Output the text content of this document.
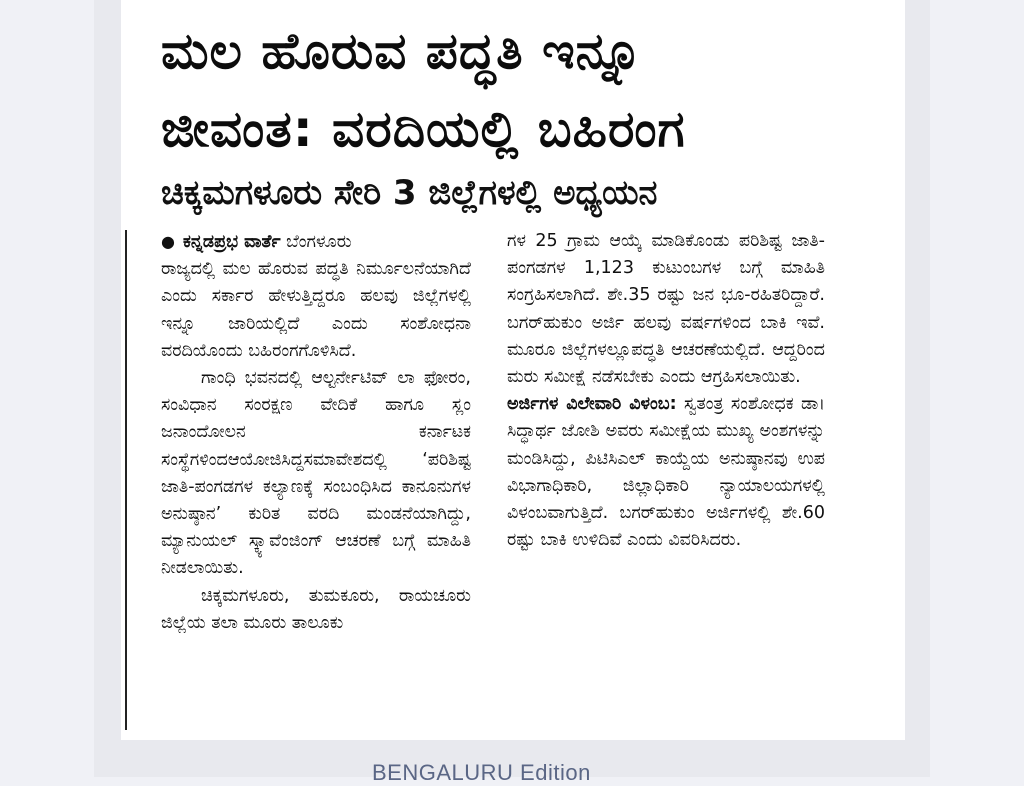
ಮಲ ಹೊರುವ ಪದ್ಧತಿ ಇನ್ನೂ
ಜೀವಂತ: ವರದಿಯಲ್ಲಿ ಬಹಿರಂಗ
ಚಿಕ್ಕಮಗಳೂರು ಸೇರಿ 3 ಜಿಲ್ಲೆಗಳಲ್ಲಿ ಅಧ್ಯಯನ

● ಕನ್ನಡಪ್ರಭ ವಾರ್ತೆ ಬೆಂಗಳೂರು

ರಾಜ್ಯದಲ್ಲಿ ಮಲ ಹೊರುವ ಪದ್ಧತಿ ನಿರ್ಮೂಲನೆಯಾಗಿದೆ ಎಂದು ಸರ್ಕಾರ ಹೇಳುತ್ತಿದ್ದರೂ ಹಲವು ಜಿಲ್ಲೆಗಳಲ್ಲಿ ಇನ್ನೂ ಜಾರಿಯಲ್ಲಿದೆ ಎಂದು ಸಂಶೋಧನಾ ವರದಿಯೊಂದು ಬಹಿರಂಗಗೊಳಿಸಿದೆ.

ಗಾಂಧಿ ಭವನದಲ್ಲಿ ಆಲ್ಟರ್ನೇಟಿವ್ ಲಾ ಫೋರಂ, ಸಂವಿಧಾನ ಸಂರಕ್ಷಣ ವೇದಿಕೆ ಹಾಗೂ ಸ್ಲಂ ಜನಾಂದೋಲನ ಕರ್ನಾಟಕ ಸಂಸ್ಥೆಗಳಿಂದಆಯೋಜಿಸಿದ್ದಸಮಾವೇಶದಲ್ಲಿ ‘ಪರಿಶಿಷ್ಟ ಜಾತಿ-ಪಂಗಡಗಳ ಕಲ್ಯಾಣಕ್ಕೆ ಸಂಬಂಧಿಸಿದ ಕಾನೂನುಗಳ ಅನುಷ್ಠಾನ’ ಕುರಿತ ವರದಿ ಮಂಡನೆಯಾಗಿದ್ದು, ಮ್ಯಾನುಯಲ್ ಸ್ಕ್ಯಾವೆಂಜಿಂಗ್ ಆಚರಣೆ ಬಗ್ಗೆ ಮಾಹಿತಿ ನೀಡಲಾಯಿತು.

ಚಿಕ್ಕಮಗಳೂರು, ತುಮಕೂರು, ರಾಯಚೂರು ಜಿಲ್ಲೆಯ ತಲಾ ಮೂರು ತಾಲೂಕು

ಗಳ 25 ಗ್ರಾಮ ಆಯ್ಕೆ ಮಾಡಿಕೊಂಡು ಪರಿಶಿಷ್ಟ ಜಾತಿ-ಪಂಗಡಗಳ 1,123 ಕುಟುಂಬಗಳ ಬಗ್ಗೆ ಮಾಹಿತಿ ಸಂಗ್ರಹಿಸಲಾಗಿದೆ. ಶೇ.35 ರಷ್ಟು ಜನ ಭೂ-ರಹಿತರಿದ್ದಾರೆ. ಬಗರ್‌ಹುಕುಂ ಅರ್ಜಿ ಹಲವು ವರ್ಷಗಳಿಂದ ಬಾಕಿ ಇವೆ. ಮೂರೂ ಜಿಲ್ಲೆಗಳಲ್ಲೂಪದ್ಧತಿ ಆಚರಣೆಯಲ್ಲಿದೆ. ಆದ್ದರಿಂದ ಮರು ಸಮೀಕ್ಷೆ ನಡೆಸಬೇಕು ಎಂದು ಆಗ್ರಹಿಸಲಾಯಿತು.

ಅರ್ಜಿಗಳ ವಿಲೇವಾರಿ ವಿಳಂಬ: ಸ್ವತಂತ್ರ ಸಂಶೋಧಕ ಡಾ। ಸಿದ್ಧಾರ್ಥ ಜೋಶಿ ಅವರು ಸಮೀಕ್ಷೆಯ ಮುಖ್ಯ ಅಂಶಗಳನ್ನು ಮಂಡಿಸಿದ್ದು, ಪಿಟಿಸಿಎಲ್ ಕಾಯ್ದೆಯ ಅನುಷ್ಠಾನವು ಉಪ ವಿಭಾಗಾಧಿಕಾರಿ, ಜಿಲ್ಲಾಧಿಕಾರಿ ನ್ಯಾಯಾಲಯಗಳಲ್ಲಿ ವಿಳಂಬವಾಗುತ್ತಿದೆ. ಬಗರ್‌ಹುಕುಂ ಅರ್ಜಿಗಳಲ್ಲಿ ಶೇ.60 ರಷ್ಟು ಬಾಕಿ ಉಳಿದಿವೆ ಎಂದು ವಿವರಿಸಿದರು.

BENGALURU Edition
